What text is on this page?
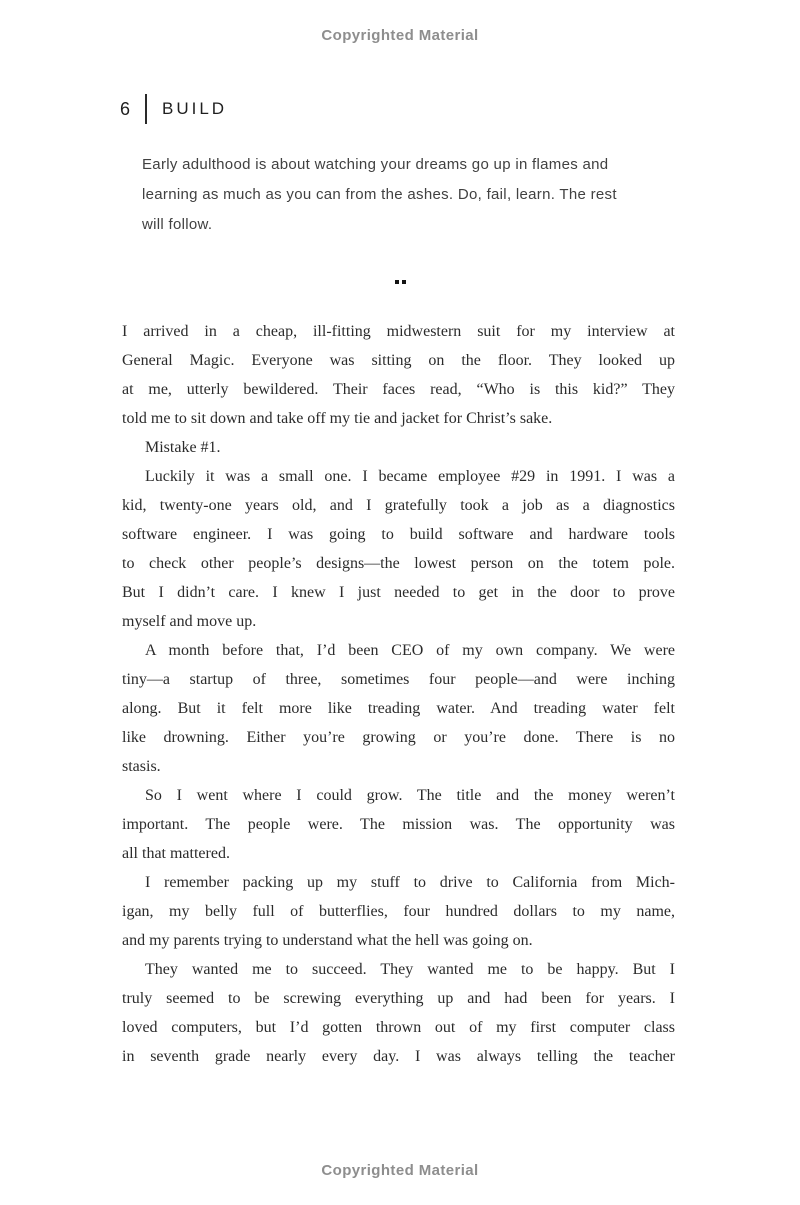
Copyrighted Material
6 BUILD
Early adulthood is about watching your dreams go up in flames and
learning as much as you can from the ashes. Do, fail, learn. The rest
will follow.
I arrived in a cheap, ill-fitting midwestern suit for my interview at
General Magic. Everyone was sitting on the floor. They looked up
at me, utterly bewildered. Their faces read, “Who is this kid?” They
told me to sit down and take off my tie and jacket for Christ’s sake.
Mistake #1.
Luckily it was a small one. I became employee #29 in 1991. I was a
kid, twenty-one years old, and I gratefully took a job as a diagnostics
software engineer. I was going to build software and hardware tools
to check other people’s designs—the lowest person on the totem pole.
But I didn’t care. I knew I just needed to get in the door to prove
myself and move up.
A month before that, I’d been CEO of my own company. We were
tiny—a startup of three, sometimes four people—and were inching
along. But it felt more like treading water. And treading water felt
like drowning. Either you’re growing or you’re done. There is no
stasis.
So I went where I could grow. The title and the money weren’t
important. The people were. The mission was. The opportunity was
all that mattered.
I remember packing up my stuff to drive to California from Mich-
igan, my belly full of butterflies, four hundred dollars to my name,
and my parents trying to understand what the hell was going on.
They wanted me to succeed. They wanted me to be happy. But I
truly seemed to be screwing everything up and had been for years. I
loved computers, but I’d gotten thrown out of my first computer class
in seventh grade nearly every day. I was always telling the teacher
Copyrighted Material
